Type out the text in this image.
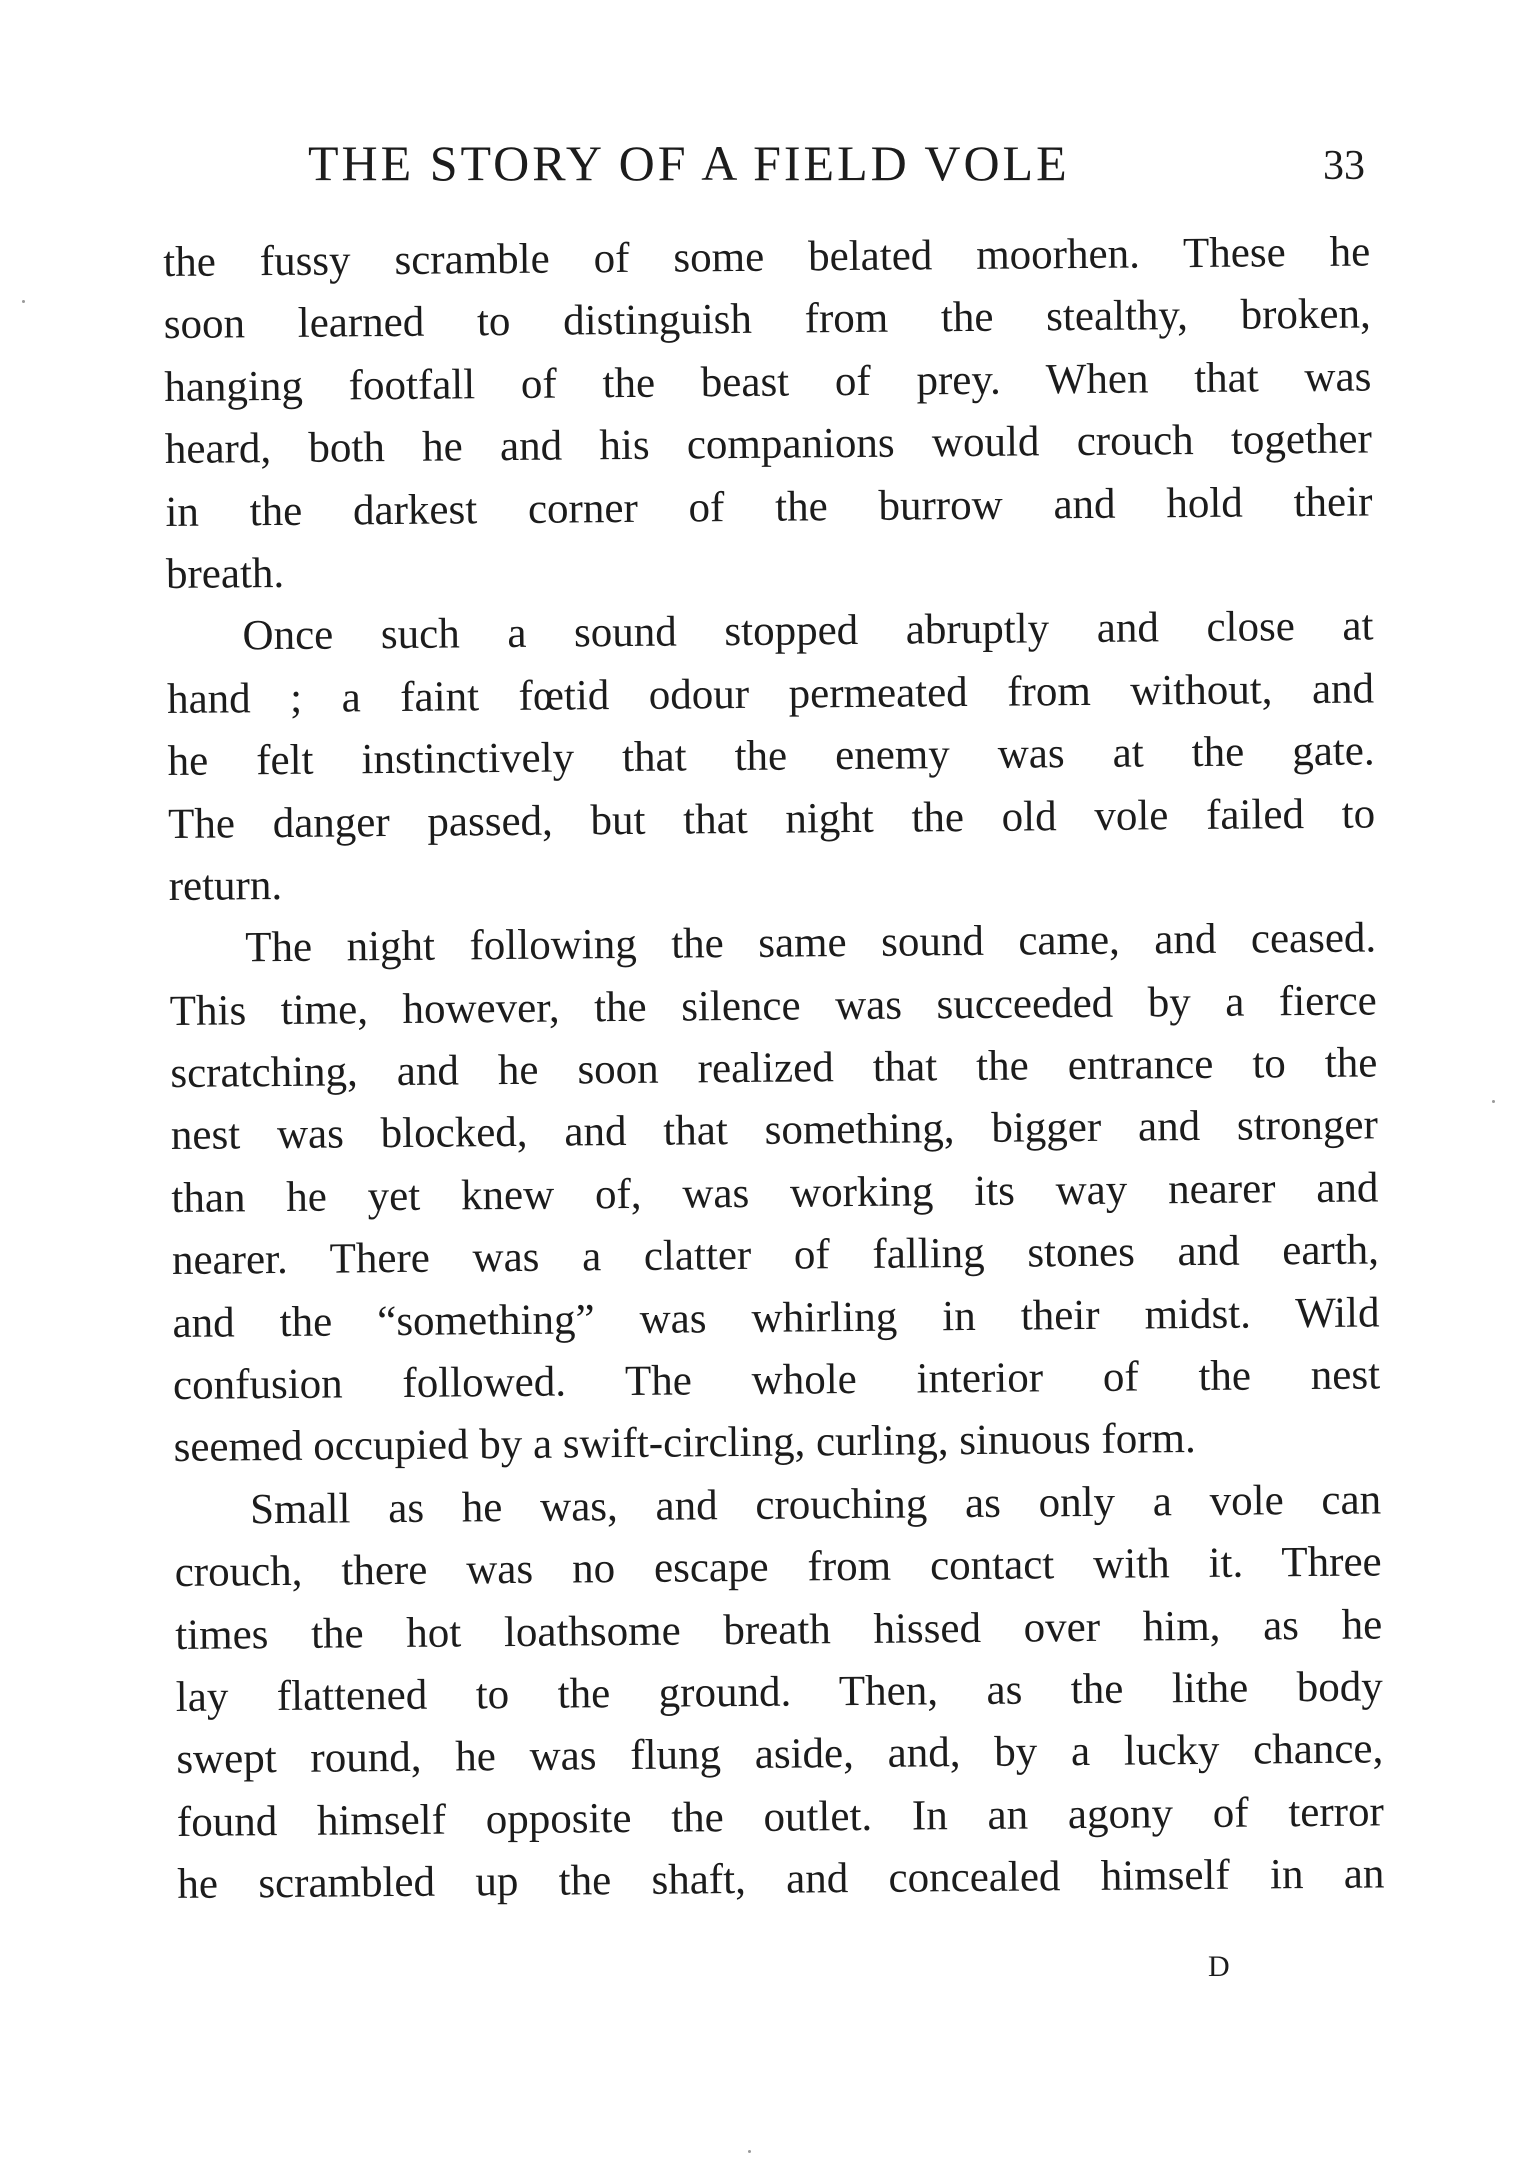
THE STORY OF A FIELD VOLE	33
the fussy scramble of some belated moorhen. These he
soon learned to distinguish from the stealthy, broken,
hanging footfall of the beast of prey. When that was
heard, both he and his companions would crouch together
in the darkest corner of the burrow and hold their
breath.
Once such a sound stopped abruptly and close at
hand ; a faint fœtid odour permeated from without, and
he felt instinctively that the enemy was at the gate.
The danger passed, but that night the old vole failed to
return.
The night following the same sound came, and ceased.
This time, however, the silence was succeeded by a fierce
scratching, and he soon realized that the entrance to the
nest was blocked, and that something, bigger and stronger
than he yet knew of, was working its way nearer and
nearer. There was a clatter of falling stones and earth,
and the “something” was whirling in their midst. Wild
confusion followed. The whole interior of the nest
seemed occupied by a swift-circling, curling, sinuous form.
Small as he was, and crouching as only a vole can
crouch, there was no escape from contact with it. Three
times the hot loathsome breath hissed over him, as he
lay flattened to the ground. Then, as the lithe body
swept round, he was flung aside, and, by a lucky chance,
found himself opposite the outlet. In an agony of terror
he scrambled up the shaft, and concealed himself in an
D
